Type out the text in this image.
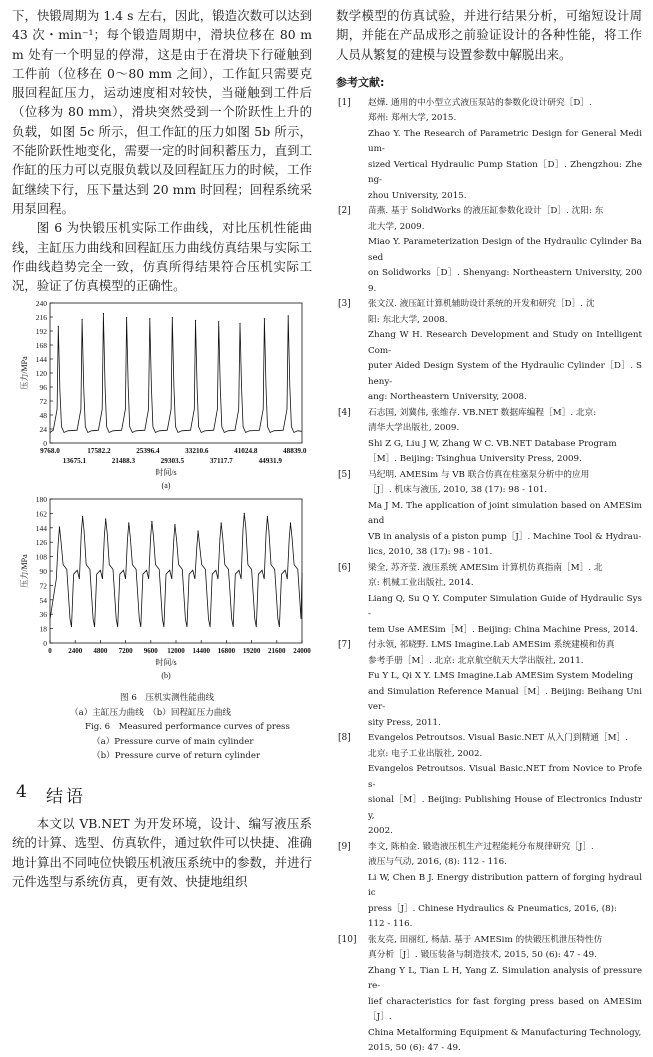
下，快锻周期为 1.4 s 左右，因此，锻造次数可以达到 43 次・min⁻¹；每个锻造周期中，滑块位移在 80 mm 处有一个明显的停滞，这是由于在滑块下行碰触到工件前（位移在 0～80 mm 之间），工作缸只需要克服回程缸压力，运动速度相对较快，当碰触到工件后（位移为 80 mm），滑块突然受到一个阶跃性上升的负载，如图 5c 所示，但工作缸的压力如图 5b 所示，不能阶跃性地变化，需要一定的时间积蓄压力，直到工作缸的压力可以克服负载以及回程缸压力的时候，工作缸继续下行，压下量达到 20 mm 时回程；回程系统采用泵回程。

图 6 为快锻压机实际工作曲线，对比压机性能曲线，主缸压力曲线和回程缸压力曲线仿真结果与实际工作曲线趋势完全一致，仿真所得结果符合压机实际工况，验证了仿真模型的正确性。

0
24
48
72
96
120
144
168
192
216
240
9768.0	17582.2	25396.4	33210.6	41024.8	48839.0
13675.1	21488.3	29303.5	37117.7	44931.9
压力/MPa
时间/s
(a)
0
18
36
54
72
90
108
126
144
162
180
0 2400 4800 7200 9600 12000 14400 16800 19200 21600 24000
压力/MPa
时间/s
(b)
图 6　压机实测性能曲线
（a）主缸压力曲线　（b）回程缸压力曲线
Fig. 6　Measured performance curves of press
（a）Pressure curve of main cylinder
（b）Pressure curve of return cylinder
4 结语

本文以 VB.NET 为开发环境，设计、编写液压系统的计算、选型、仿真软件，通过软件可以快捷、准确地计算出不同吨位快锻压机液压系统中的参数，并进行元件选型与系统仿真，更有效、快捷地组织

数学模型的仿真试验，并进行结果分析，可缩短设计周期，并能在产品成形之前验证设计的各种性能，将工作人员从繁复的建模与设置参数中解脱出来。

参考文献:
[1] 赵燁. 通用的中小型立式液压泵站的参数化设计研究［D］.
郑州: 郑州大学, 2015.
Zhao Y. The Research of Parametric Design for General Medium-
sized Vertical Hydraulic Pump Station［D］. Zhengzhou: Zheng-
zhou University, 2015.
[2] 苗燕. 基于 SolidWorks 的液压缸参数化设计［D］. 沈阳: 东
北大学, 2009.
Miao Y. Parameterization Design of the Hydraulic Cylinder Based
on Solidworks［D］. Shenyang: Northeastern University, 2009.
[3] 张文汉. 液压缸计算机辅助设计系统的开发和研究［D］. 沈
阳: 东北大学, 2008.
Zhang W H. Research Development and Study on Intelligent Com-
puter Aided Design System of the Hydraulic Cylinder［D］. Sheny-
ang: Northeastern University, 2008.
[4] 石志国, 刘冀伟, 张维存. VB.NET 数据库编程［M］. 北京:
清华大学出版社, 2009.
Shi Z G, Liu J W, Zhang W C. VB.NET Database Program
［M］. Beijing: Tsinghua University Press, 2009.
[5] 马纪明. AMESim 与 VB 联合仿真在柱塞泵分析中的应用
［J］. 机床与液压, 2010, 38 (17): 98 - 101.
Ma J M. The application of joint simulation based on AMESim and
VB in analysis of a piston pump［J］. Machine Tool & Hydrau-
lics, 2010, 38 (17): 98 - 101.
[6] 梁全, 苏齐莹. 液压系统 AMESim 计算机仿真指南［M］. 北
京: 机械工业出版社, 2014.
Liang Q, Su Q Y. Computer Simulation Guide of Hydraulic Sys-
tem Use AMESim［M］. Beijing: China Machine Press, 2014.
[7] 付永领, 祁晓野. LMS Imagine.Lab AMESim 系统建模和仿真
参考手册［M］. 北京: 北京航空航天大学出版社, 2011.
Fu Y L, Qi X Y. LMS Imagine.Lab AMESim System Modeling
and Simulation Reference Manual［M］. Beijing: Beihang Univer-
sity Press, 2011.
[8] Evangelos Petroutsos. Visual Basic.NET 从入门到精通［M］.
北京: 电子工业出版社, 2002.
Evangelos Petroutsos. Visual Basic.NET from Novice to Profes-
sional［M］. Beijing: Publishing House of Electronics Industry,
2002.
[9] 李文, 陈柏金. 锻造液压机生产过程能耗分布规律研究［J］.
液压与气动, 2016, (8): 112 - 116.
Li W, Chen B J. Energy distribution pattern of forging hydraulic
press［J］. Chinese Hydraulics & Pneumatics, 2016, (8):
112 - 116.
[10] 张友亮, 田丽红, 杨喆. 基于 AMESim 的快锻压机泄压特性仿
真分析［J］. 锻压装备与制造技术, 2015, 50 (6): 47 - 49.
Zhang Y L, Tian L H, Yang Z. Simulation analysis of pressure re-
lief characteristics for fast forging press based on AMESim［J］.
China Metalforming Equipment & Manufacturing Technology,
2015, 50 (6): 47 - 49.
